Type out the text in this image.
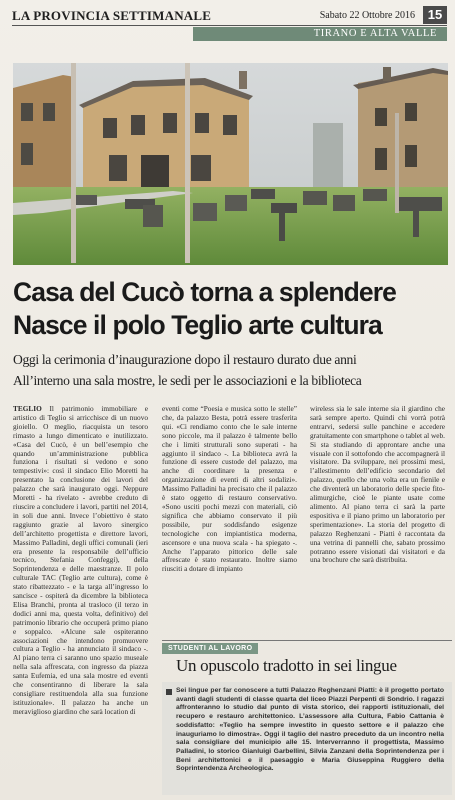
LA PROVINCIA SETTIMANALE	Sabato 22 Ottobre 2016 15
TIRANO E ALTA VALLE
Casa del Cucò torna a splendere
Nasce il polo Teglio arte cultura
Oggi la cerimonia d’inaugurazione dopo il restauro durato due anni
All’interno una sala mostre, le sedi per le associazioni e la biblioteca
TEGLIO Il patrimonio immobiliare e artistico di Teglio si arricchisce di un nuovo gioiello. O meglio, riacquista un tesoro rimasto a lungo dimenticato e inutilizzato. «Casa del Cucò, è un bell’esempio che quando un’amministrazione pubblica funziona i risultati si vedono e sono tempestivi»: così il sindaco Elio Moretti ha presentato la conclusione dei lavori del palazzo che sarà inaugurato oggi. Neppure Moretti - ha rivelato - avrebbe creduto di riuscire a concludere i lavori, partiti nel 2014, in soli due anni. Invece l’obiettivo è stato raggiunto grazie al lavoro sinergico dell’architetto progettista e direttore lavori, Massimo Palladini, degli uffici comunali (ieri era presente la responsabile dell’ufficio tecnico, Stefania Confeggi), della Soprintendenza e delle maestranze. Il polo culturale TAC (Teglio arte cultura), come è stato ribattezzato - e la targa all’ingresso lo sancisce - ospiterà da dicembre la biblioteca Elisa Branchi, pronta al trasloco (il terzo in dodici anni ma, questa volta, definitivo) del patrimonio librario che occuperà primo piano e soppalco. «Alcune sale ospiteranno associazioni che intendono promuovere cultura a Teglio - ha annunciato il sindaco -. Al piano terra ci saranno uno spazio museale nella sala affrescata, con ingresso da piazza santa Eufemia, ed una sala mostre ed eventi che consentiranno di liberare la sala consigliare restituendola alla sua funzione istituzionale». Il palazzo ha anche un meraviglioso giardino che sarà location di
eventi come “Poesia e musica sotto le stelle” che, da palazzo Besta, potrà essere trasferita qui. «Ci rendiamo conto che le sale interne sono piccole, ma il palazzo è talmente bello che i limiti strutturali sono superati - ha aggiunto il sindaco -. La biblioteca avrà la funzione di essere custode del palazzo, ma anche di coordinare la presenza e organizzazione di eventi di altri sodalizi». Massimo Palladini ha precisato che il palazzo è stato oggetto di restauro conservativo. «Sono usciti pochi mezzi con materiali, ciò significa che abbiamo conservato il più possibile, pur soddisfando esigenze tecnologiche con impiantistica moderna, ascensore e una nuova scala - ha spiegato -. Anche l’apparato pittorico delle sale affrescate è stato restaurato. Inoltre siamo riusciti a dotare di impianto
wireless sia le sale interne sia il giardino che sarà sempre aperto. Quindi chi vorrà potrà entrarvi, sedersi sulle panchine e accedere gratuitamente con smartphone o tablet al web. Si sta studiando di approntare anche una visuale con il sottofondo che accompagnerà il visitatore. Da sviluppare, nei prossimi mesi, l’allestimento dell’edificio secondario del palazzo, quello che una volta era un fienile e che diventerà un laboratorio delle specie fito-alimurgiche, cioè le piante usate come alimento. Al piano terra ci sarà la parte espositiva e il piano primo un laboratorio per sperimentazione». La storia del progetto di palazzo Reghenzani - Piatti è raccontata da una vetrina di pannelli che, sabato prossimo potranno essere visionati dai visitatori e da una brochure che sarà distribuita.
STUDENTI AL LAVORO
Un opuscolo tradotto in sei lingue
Sei lingue per far conoscere a tutti Palazzo Reghenzani Piatti: è il progetto portato avanti dagli studenti di classe quarta del liceo Piazzi Perpenti di Sondrio. I ragazzi affronteranno lo studio dal punto di vista storico, dei rapporti istituzionali, del recupero e restauro architettonico. L’assessore alla Cultura, Fabio Cattania è soddisfatto: «Teglio ha sempre investito in questo settore e il palazzo che inauguriamo lo dimostra». Oggi il taglio del nastro preceduto da un incontro nella sala consigliare del municipio alle 15. Interverranno il progettista, Massimo Palladini, lo storico Gianluigi Garbellini, Silvia Zanzani della Soprintendenza per i Beni architettonici e il paesaggio e Maria Giuseppina Ruggiero della Soprintendenza Archeologica.
